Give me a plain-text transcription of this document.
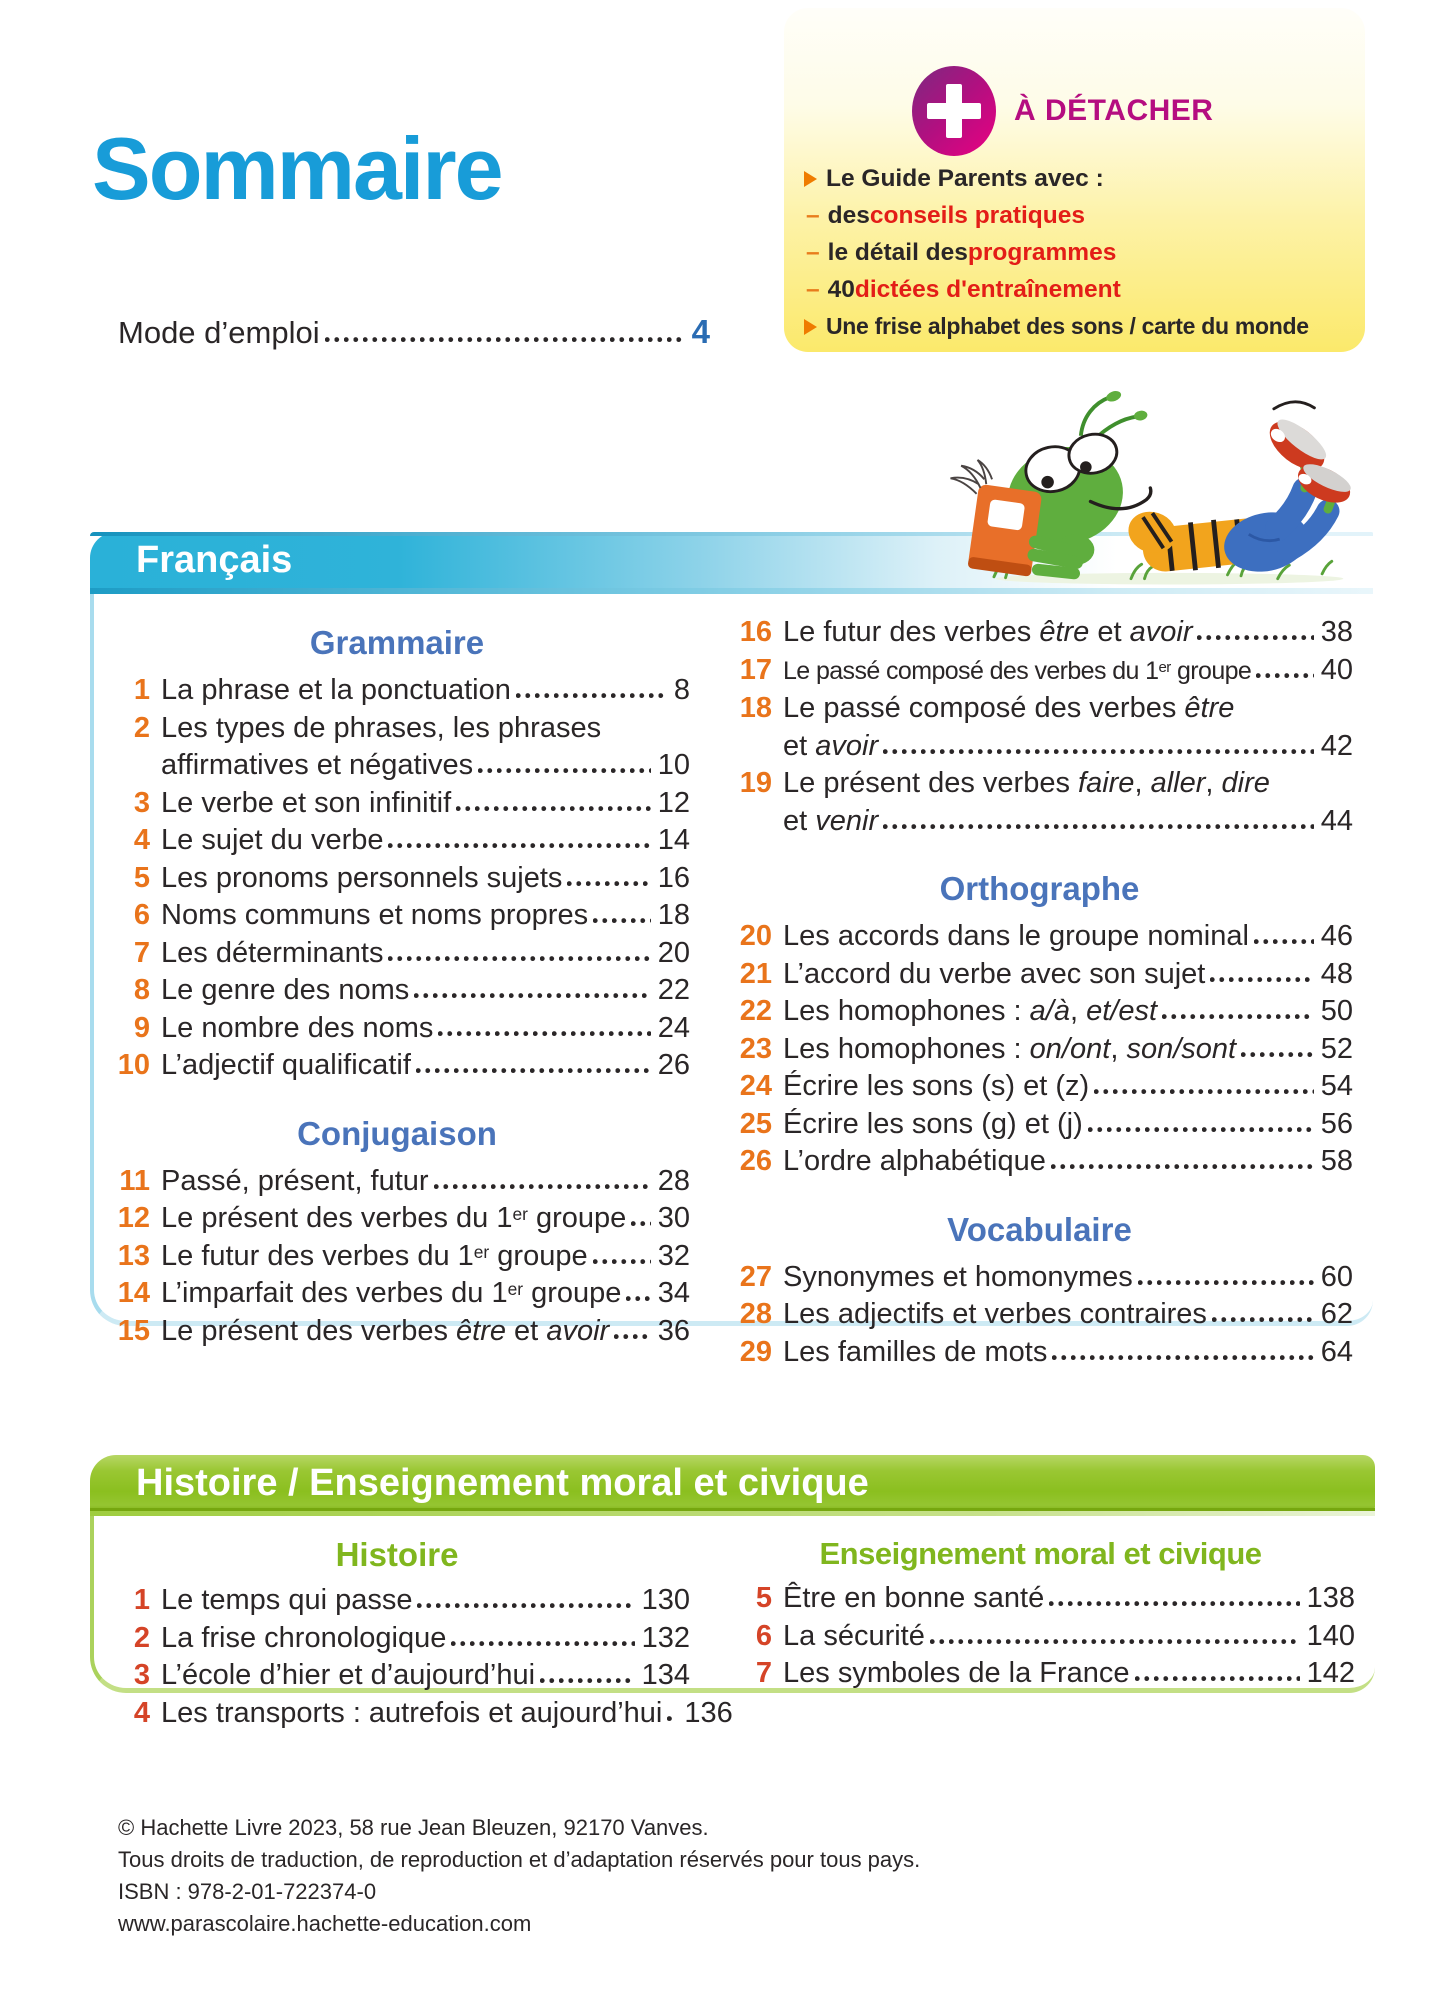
Sommaire
À DÉTACHER
Le Guide Parents avec :
– des conseils pratiques
– le détail des programmes
– 40 dictées d'entraînement
Une frise alphabet des sons / carte du monde
Mode d’emploi	4
Français
Grammaire
1 La phrase et la ponctuation	8
2 Les types de phrases, les phrases
affirmatives et négatives	10
3 Le verbe et son infinitif	12
4 Le sujet du verbe	14
5 Les pronoms personnels sujets	16
6 Noms communs et noms propres 18
7 Les déterminants	20
8 Le genre des noms	22
9 Le nombre des noms	24
10 L’adjectif qualificatif	26
Conjugaison
11 Passé, présent, futur	28
12 Le présent des verbes du 1er groupe 30
13 Le futur des verbes du 1er groupe 32
14 L’imparfait des verbes du 1er groupe 34
15 Le présent des verbes être et avoir 36
16 Le futur des verbes être et avoir	38
17 Le passé composé des verbes du 1er groupe 40
18 Le passé composé des verbes être
et avoir	42
19 Le présent des verbes faire, aller, dire
et venir	44
Orthographe
20 Les accords dans le groupe nominal 46
21 L’accord du verbe avec son sujet	48
22 Les homophones : a/à, et/est	50
23 Les homophones : on/ont, son/sont	52
24 Écrire les sons (s) et (z)	54
25 Écrire les sons (g) et (j)	56
26 L’ordre alphabétique	58
Vocabulaire
27 Synonymes et homonymes	60
28 Les adjectifs et verbes contraires	62
29 Les familles de mots	64
Histoire / Enseignement moral et civique
Histoire
1 Le temps qui passe	130
2 La frise chronologique	132
3 L’école d’hier et d’aujourd’hui	134
4 Les transports : autrefois et aujourd’hui 136
Enseignement moral et civique
5 Être en bonne santé	138
6 La sécurité	140
7 Les symboles de la France	142
© Hachette Livre 2023, 58 rue Jean Bleuzen, 92170 Vanves.
Tous droits de traduction, de reproduction et d’adaptation réservés pour tous pays.
ISBN : 978-2-01-722374-0
www.parascolaire.hachette-education.com
